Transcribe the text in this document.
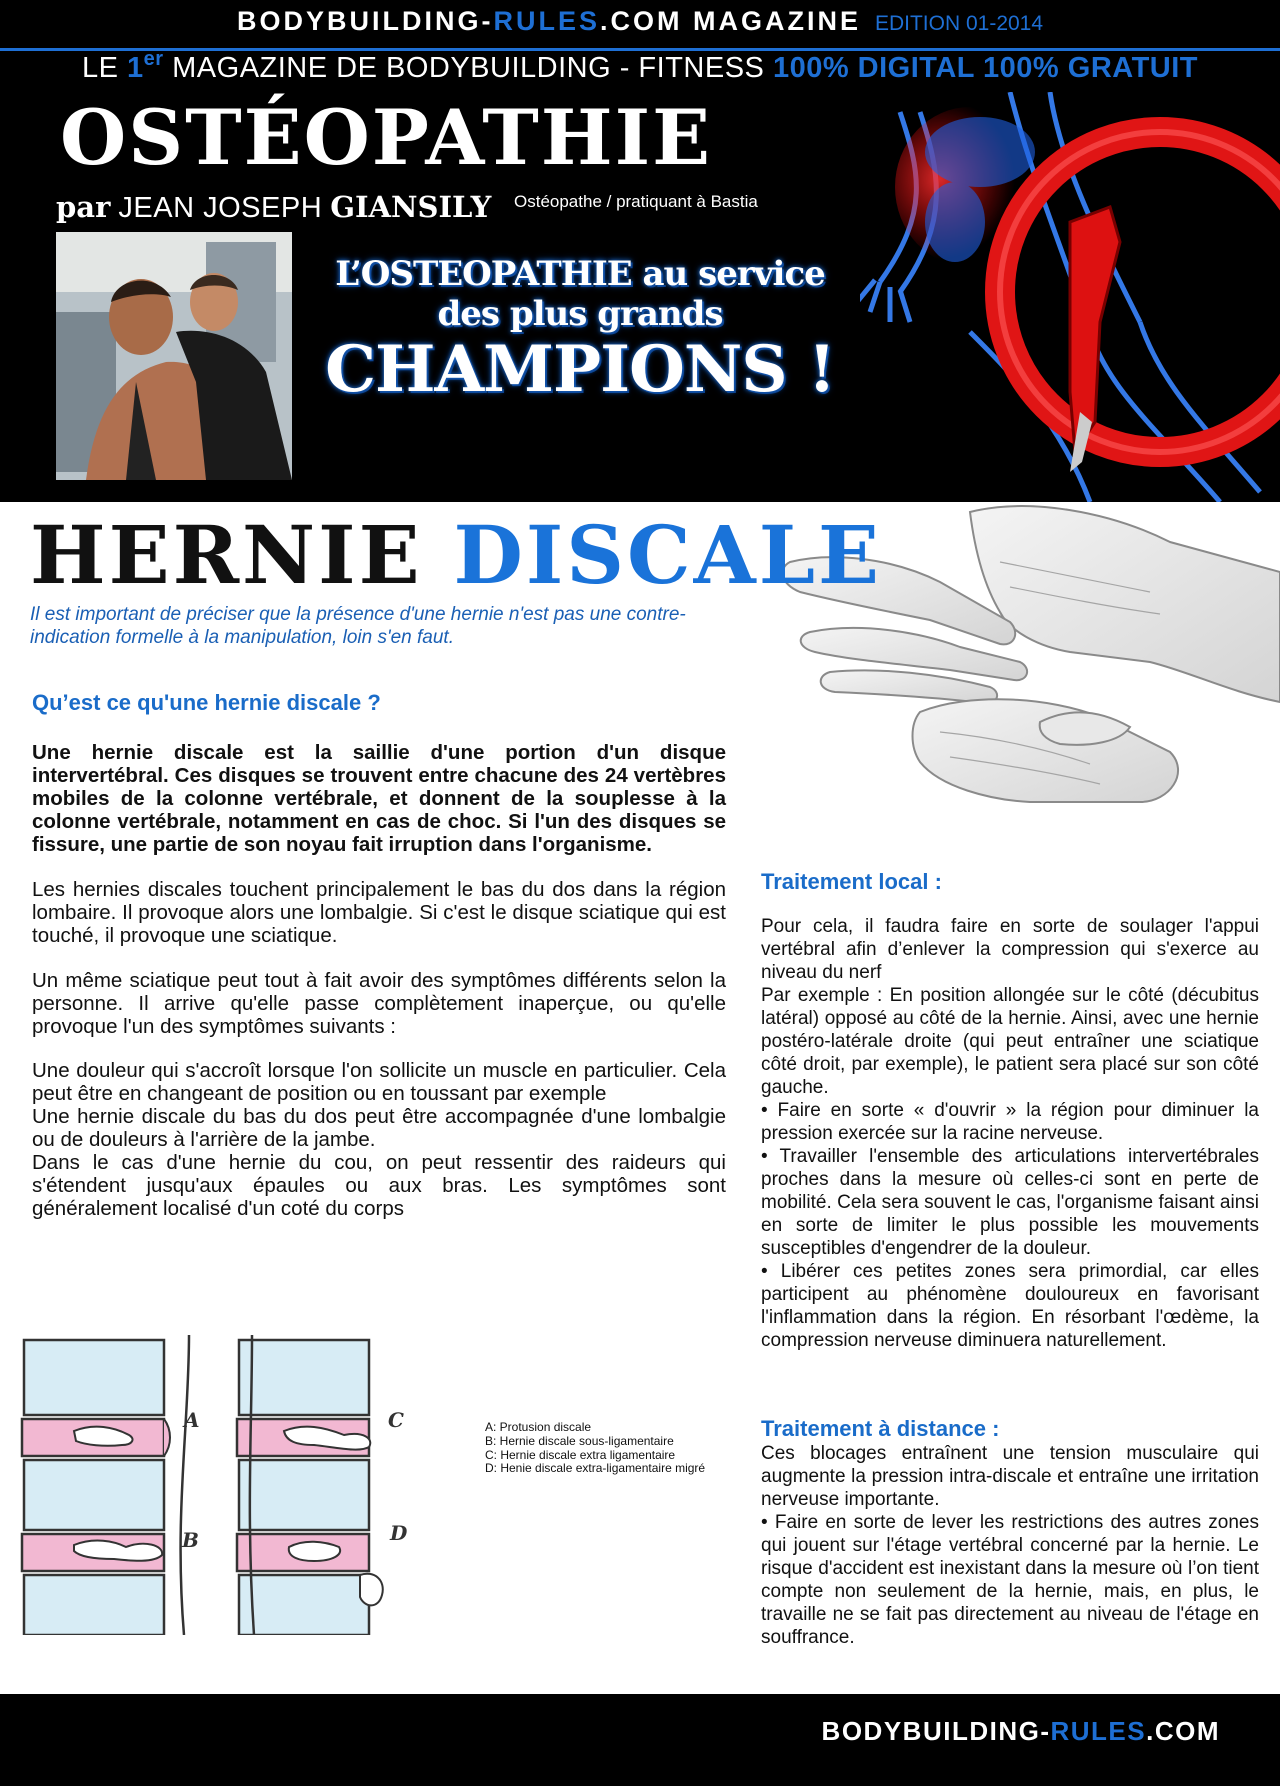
BODYBUILDING-RULES.COM MAGAZINE EDITION 01-2014
LE 1er MAGAZINE DE BODYBUILDING - FITNESS 100% DIGITAL 100% GRATUIT
OSTÉOPATHIE
par JEAN JOSEPH GIANSILY Ostéopathe / pratiquant à Bastia
L’OSTEOPATHIE au service
des plus grands
CHAMPIONS !
HERNIE DISCALE
Il est important de préciser que la présence d'une hernie n'est pas une contre-indication formelle à la manipulation, loin s'en faut.
Qu’est ce qu'une hernie discale ?

Une hernie discale est la saillie d'une portion d'un disque intervertébral. Ces disques se trouvent entre chacune des 24 vertèbres mobiles de la colonne vertébrale, et donnent de la souplesse à la colonne vertébrale, notamment en cas de choc. Si l'un des disques se fissure, une partie de son noyau fait irruption dans l'organisme.

Les hernies discales touchent principalement le bas du dos dans la région lombaire. Il provoque alors une lombalgie. Si c'est le disque sciatique qui est touché, il provoque une sciatique.

Un même sciatique peut tout à fait avoir des symptômes différents selon la personne. Il arrive qu'elle passe complètement inaperçue, ou qu'elle provoque l'un des symptômes suivants :

Une douleur qui s'accroît lorsque l'on sollicite un muscle en particulier. Cela peut être en changeant de position ou en toussant par exemple

Une hernie discale du bas du dos peut être accompagnée d'une lombalgie ou de douleurs à l'arrière de la jambe.

Dans le cas d'une hernie du cou, on peut ressentir des raideurs qui s'étendent jusqu'aux épaules ou aux bras. Les symptômes sont généralement localisé d'un coté du corps

Traitement local :

Pour cela, il faudra faire en sorte de soulager l'appui vertébral afin d’enlever la compression qui s'exerce au niveau du nerf

Par exemple : En position allongée sur le côté (décubitus latéral) opposé au côté de la hernie. Ainsi, avec une hernie postéro-latérale droite (qui peut entraîner une sciatique côté droit, par exemple), le patient sera placé sur son côté gauche.

• Faire en sorte « d'ouvrir » la région pour diminuer la pression exercée sur la racine nerveuse.

• Travailler l'ensemble des articulations intervertébrales proches dans la mesure où celles-ci sont en perte de mobilité. Cela sera souvent le cas, l'organisme faisant ainsi en sorte de limiter le plus possible les mouvements susceptibles d'engendrer de la douleur.

• Libérer ces petites zones sera primordial, car elles participent au phénomène douloureux en favorisant l'inflammation dans la région. En résorbant l'œdème, la compression nerveuse diminuera naturellement.

Traitement à distance :

Ces blocages entraînent une tension musculaire qui augmente la pression intra-discale et entraîne une irritation nerveuse importante.

• Faire en sorte de lever les restrictions des autres zones qui jouent sur l'étage vertébral concerné par la hernie. Le risque d'accident est inexistant dans la mesure où l’on tient compte non seulement de la hernie, mais, en plus, le travaille ne se fait pas directement au niveau de l'étage en souffrance.

A
B
C
D
A: Protusion discale
B: Hernie discale sous-ligamentaire
C: Hernie discale extra ligamentaire
D: Henie discale extra-ligamentaire migré
BODYBUILDING-RULES.COM
